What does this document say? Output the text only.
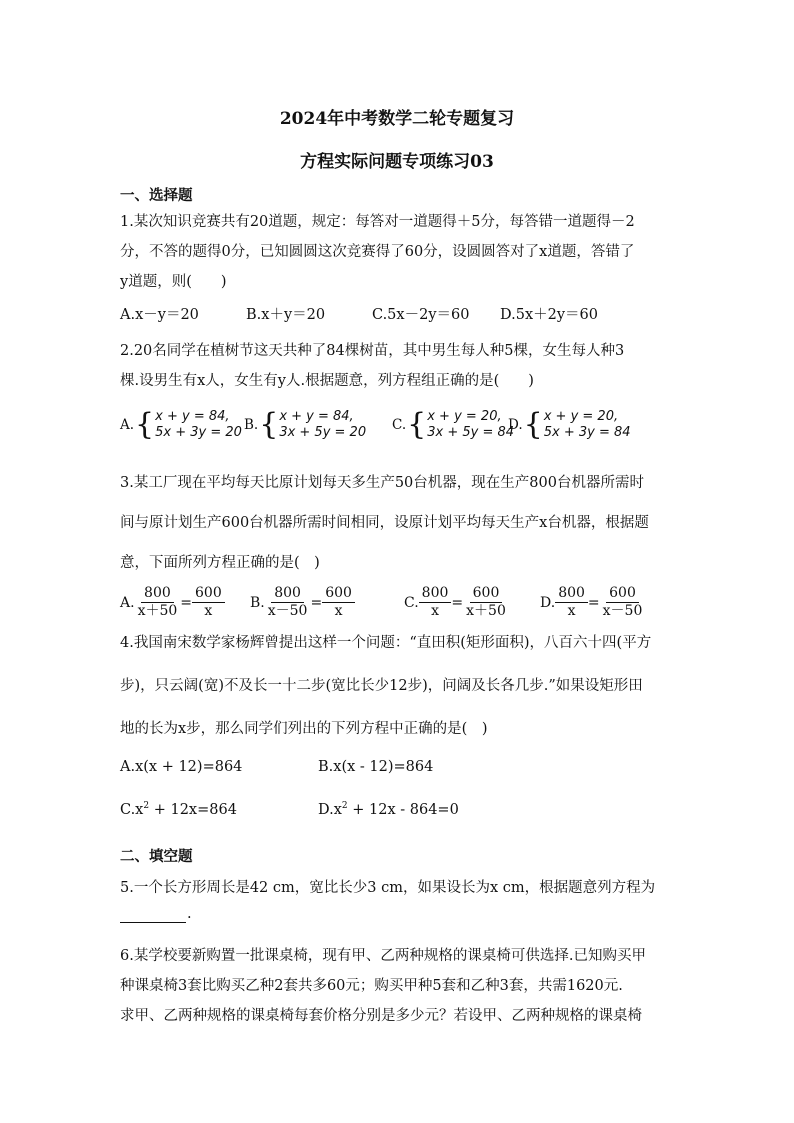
2024年中考数学二轮专题复习
方程实际问题专项练习03
一、选择题
1.某次知识竞赛共有20道题，规定：每答对一道题得＋5分，每答错一道题得－2
分，不答的题得0分，已知圆圆这次竞赛得了60分，设圆圆答对了x道题，答错了
y道题，则(　　)
A.x－y＝20	B.x＋y＝20	C.5x－2y＝60 D.5x＋2y＝60
2.20名同学在植树节这天共种了84棵树苗，其中男生每人种5棵，女生每人种3
棵.设男生有x人，女生有y人.根据题意，列方程组正确的是(　　)
A. { x + y = 84,
5x + 3y = 20 B. { x + y = 84,
3x + 5y = 20 C. { x + y = 20,
3x + 5y = 84
D. { x + y = 20,
5x + 3y = 84
3.某工厂现在平均每天比原计划每天多生产50台机器，现在生产800台机器所需时
间与原计划生产600台机器所需时间相同，设原计划平均每天生产x台机器，根据题
意，下面所列方程正确的是(　)
A. $\frac{800}{x+50} = \frac{600}{x} B$. $\frac{800}{x-50} = \frac{600}{x}$	C. $\frac{800}{x} = \frac{600}{x+50} D$. $\frac{800}{x} = \frac{600}{x-50}$
4.我国南宋数学家杨辉曾提出这样一个问题：“直田积(矩形面积)，八百六十四(平方
步)，只云阔(宽)不及长一十二步(宽比长少12步)，问阔及长各几步.”如果设矩形田
地的长为x步，那么同学们列出的下列方程中正确的是(　)
A.x(x + 12)=864	B.x(x - 12)=864
$C.x^2 + 12x=864$	$D.x^2 + 12x - 864=0$
二、填空题
5.一个长方形周长是42 cm，宽比长少3 cm，如果设长为x cm，根据题意列方程为
.
6.某学校要新购置一批课桌椅，现有甲、乙两种规格的课桌椅可供选择.已知购买甲
种课桌椅3套比购买乙种2套共多60元；购买甲种5套和乙种3套，共需1620元.
求甲、乙两种规格的课桌椅每套价格分别是多少元？若设甲、乙两种规格的课桌椅
